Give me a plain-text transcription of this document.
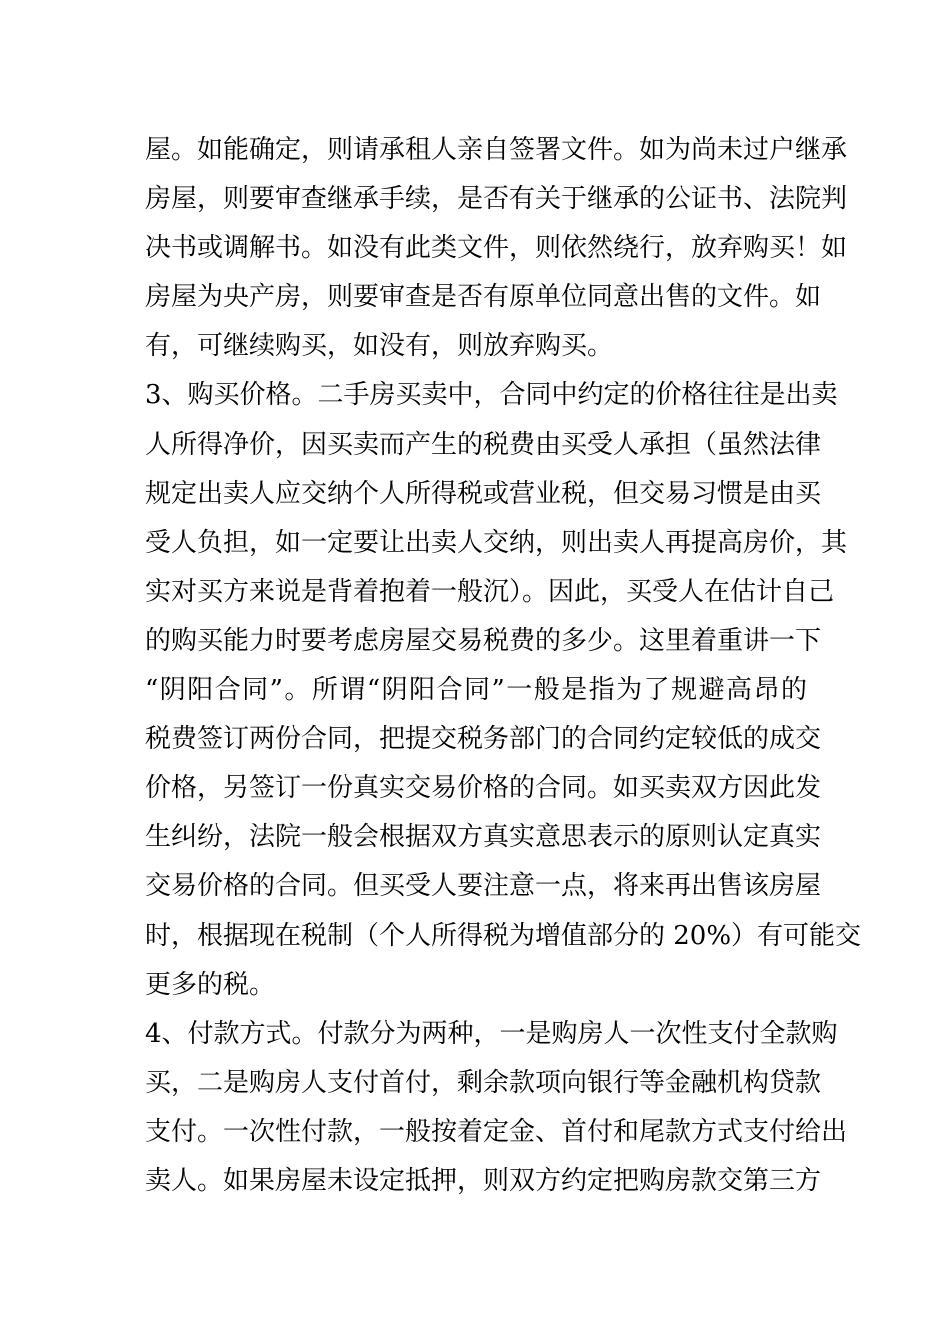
屋。如能确定，则请承租人亲自签署文件。如为尚未过户继承
房屋，则要审查继承手续，是否有关于继承的公证书、法院判
决书或调解书。如没有此类文件，则依然绕行，放弃购买！如
房屋为央产房，则要审查是否有原单位同意出售的文件。如
有，可继续购买，如没有，则放弃购买。
3、购买价格。二手房买卖中，合同中约定的价格往往是出卖
人所得净价，因买卖而产生的税费由买受人承担（虽然法律
规定出卖人应交纳个人所得税或营业税，但交易习惯是由买
受人负担，如一定要让出卖人交纳，则出卖人再提高房价，其
实对买方来说是背着抱着一般沉）。因此，买受人在估计自己
的购买能力时要考虑房屋交易税费的多少。这里着重讲一下
“阴阳合同”。所谓“阴阳合同”一般是指为了规避高昂的
税费签订两份合同，把提交税务部门的合同约定较低的成交
价格，另签订一份真实交易价格的合同。如买卖双方因此发
生纠纷，法院一般会根据双方真实意思表示的原则认定真实
交易价格的合同。但买受人要注意一点，将来再出售该房屋
时，根据现在税制（个人所得税为增值部分的 20%）有可能交
更多的税。
4、付款方式。付款分为两种，一是购房人一次性支付全款购
买，二是购房人支付首付，剩余款项向银行等金融机构贷款
支付。一次性付款，一般按着定金、首付和尾款方式支付给出
卖人。如果房屋未设定抵押，则双方约定把购房款交第三方
